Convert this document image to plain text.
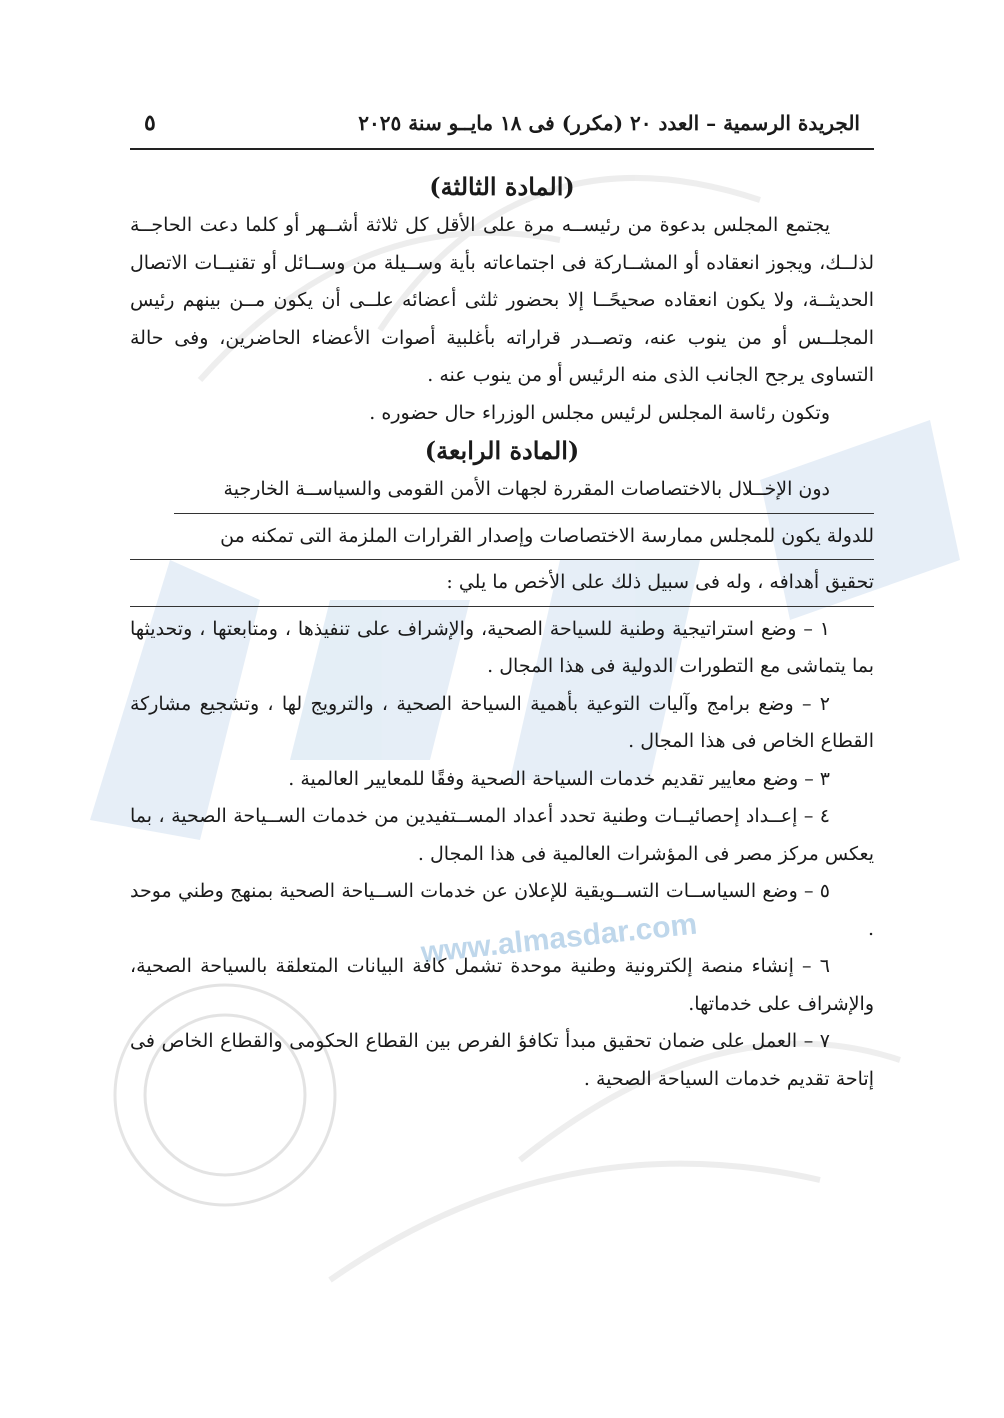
www.almasdar.com
الجريدة الرسمية – العدد ٢٠ (مكرر) فى ١٨ مايــو سنة ٢٠٢٥
٥
(المادة الثالثة)

يجتمع المجلس بدعوة من رئيســه مرة على الأقل كل ثلاثة أشــهر أو كلما دعت الحاجــة لذلــك، ويجوز انعقاده أو المشــاركة فى اجتماعاته بأية وســيلة من وســائل أو تقنيــات الاتصال الحديثــة، ولا يكون انعقاده صحيحًــا إلا بحضور ثلثى أعضائه علــى أن يكون مــن بينهم رئيس المجلــس أو من ينوب عنه، وتصــدر قراراته بأغلبية أصوات الأعضاء الحاضرين، وفى حالة التساوى يرجح الجانب الذى منه الرئيس أو من ينوب عنه .

وتكون رئاسة المجلس لرئيس مجلس الوزراء حال حضوره .

(المادة الرابعة)

دون الإخــلال بالاختصاصات المقررة لجهات الأمن القومى والسياســة الخارجية

للدولة يكون للمجلس ممارسة الاختصاصات وإصدار القرارات الملزمة التى تمكنه من

تحقيق أهدافه ، وله فى سبيل ذلك على الأخص ما يلي :

١ – وضع استراتيجية وطنية للسياحة الصحية، والإشراف على تنفيذها ، ومتابعتها ، وتحديثها بما يتماشى مع التطورات الدولية فى هذا المجال .

٢ – وضع برامج وآليات التوعية بأهمية السياحة الصحية ، والترويج لها ، وتشجيع مشاركة القطاع الخاص فى هذا المجال .

٣ – وضع معايير تقديم خدمات السياحة الصحية وفقًا للمعايير العالمية .

٤ – إعــداد إحصائيــات وطنية تحدد أعداد المســتفيدين من خدمات الســياحة الصحية ، بما يعكس مركز مصر فى المؤشرات العالمية فى هذا المجال .

٥ – وضع السياســات التســويقية للإعلان عن خدمات الســياحة الصحية بمنهج وطني موحد .

٦ – إنشاء منصة إلكترونية وطنية موحدة تشمل كافة البيانات المتعلقة بالسياحة الصحية، والإشراف على خدماتها.

٧ – العمل على ضمان تحقيق مبدأ تكافؤ الفرص بين القطاع الحكومى والقطاع الخاص فى إتاحة تقديم خدمات السياحة الصحية .
